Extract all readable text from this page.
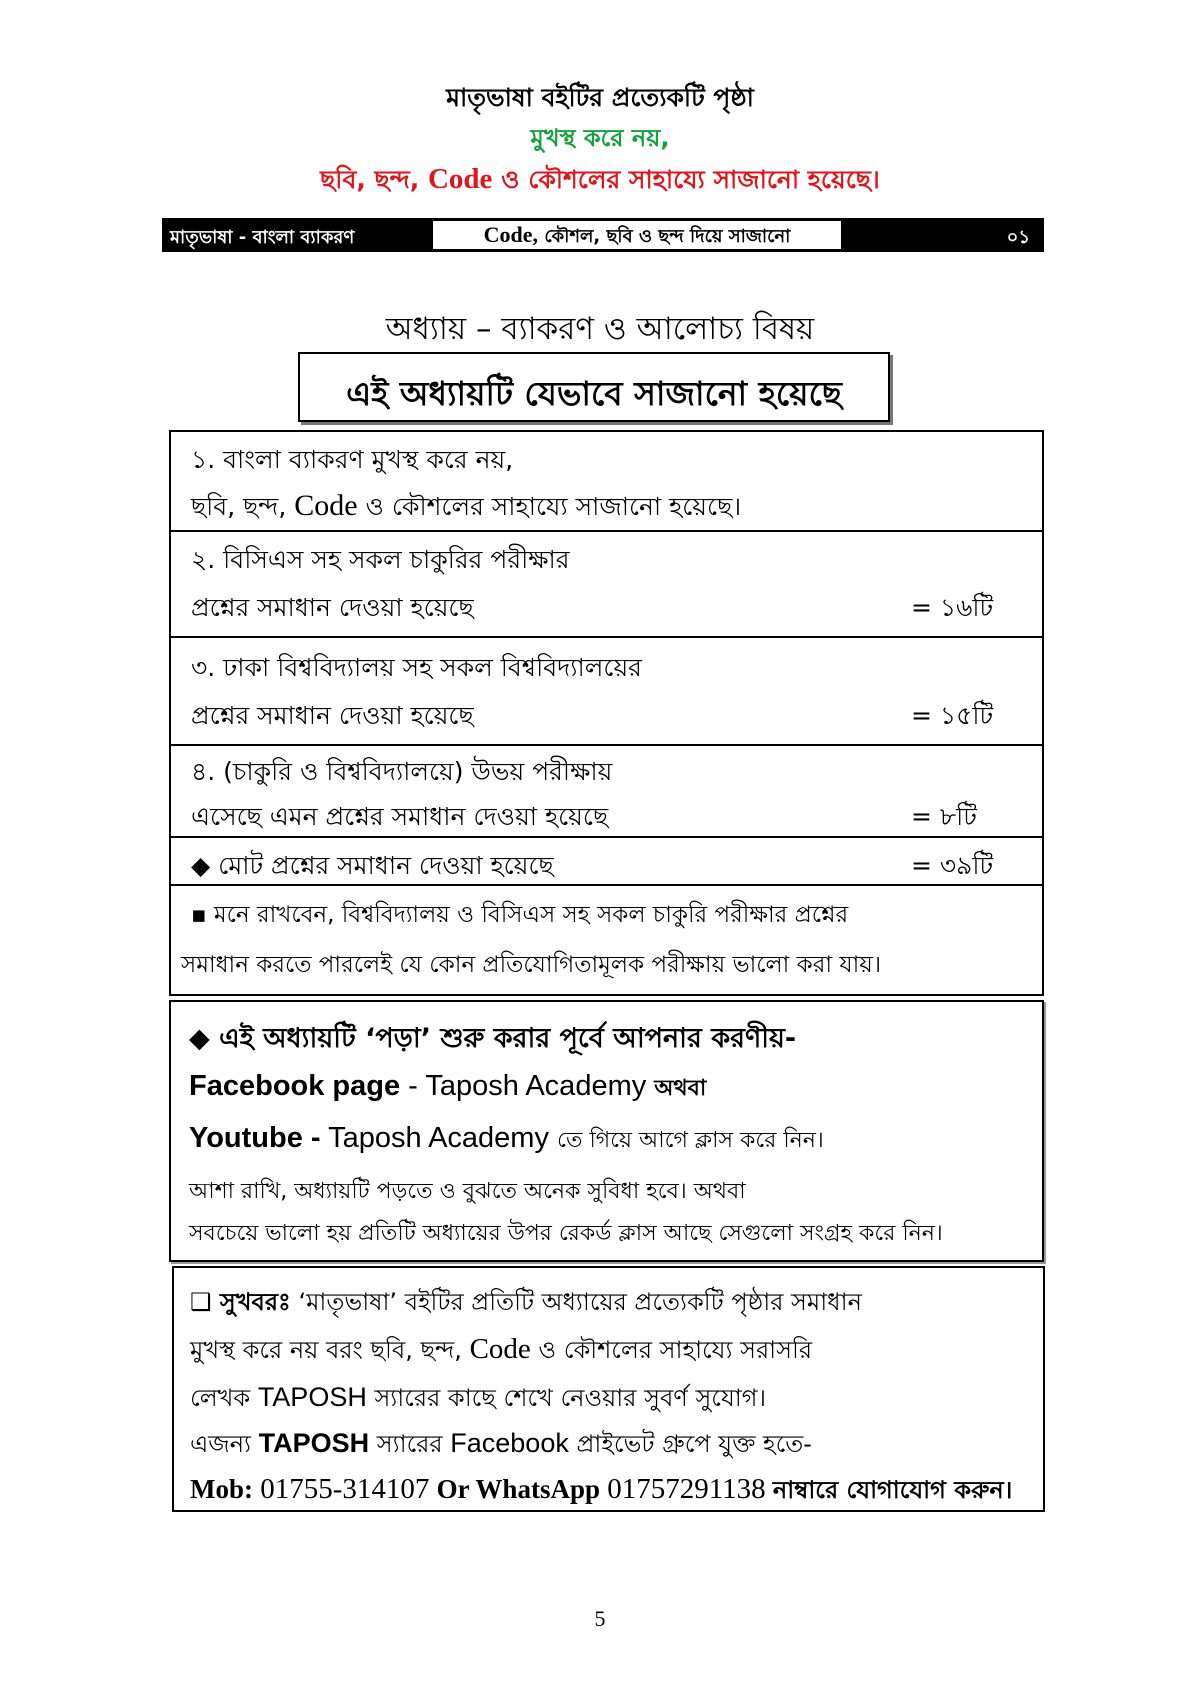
মাতৃভাষা বইটির প্রত্যেকটি পৃষ্ঠা
মুখস্থ করে নয়,
ছবি, ছন্দ, Code ও কৌশলের সাহায্যে সাজানো হয়েছে।
মাতৃভাষা - বাংলা ব্যাকরণ	Code, কৌশল, ছবি ও ছন্দ দিয়ে সাজানো	০১
অধ্যায় – ব্যাকরণ ও আলোচ্য বিষয়
এই অধ্যায়টি যেভাবে সাজানো হয়েছে
১. বাংলা ব্যাকরণ মুখস্থ করে নয়,
ছবি, ছন্দ, Code ও কৌশলের সাহায্যে সাজানো হয়েছে।
২. বিসিএস সহ সকল চাকুরির পরীক্ষার
প্রশ্নের সমাধান দেওয়া হয়েছে	= ১৬টি
৩. ঢাকা বিশ্ববিদ্যালয় সহ সকল বিশ্ববিদ্যালয়ের
প্রশ্নের সমাধান দেওয়া হয়েছে	= ১৫টি
৪. (চাকুরি ও বিশ্ববিদ্যালয়ে) উভয় পরীক্ষায়
এসেছে এমন প্রশ্নের সমাধান দেওয়া হয়েছে	= ৮টি
◆ মোট প্রশ্নের সমাধান দেওয়া হয়েছে	= ৩৯টি
▪ মনে রাখবেন, বিশ্ববিদ্যালয় ও বিসিএস সহ সকল চাকুরি পরীক্ষার প্রশ্নের
সমাধান করতে পারলেই যে কোন প্রতিযোগিতামূলক পরীক্ষায় ভালো করা যায়।
◆ এই অধ্যায়টি ‘পড়া’ শুরু করার পূর্বে আপনার করণীয়-
Facebook page - Taposh Academy অথবা
Youtube - Taposh Academy তে গিয়ে আগে ক্লাস করে নিন।
আশা রাখি, অধ্যায়টি পড়তে ও বুঝতে অনেক সুবিধা হবে। অথবা
সবচেয়ে ভালো হয় প্রতিটি অধ্যায়ের উপর রেকর্ড ক্লাস আছে সেগুলো সংগ্রহ করে নিন।
❑ সুখবরঃ ‘মাতৃভাষা’ বইটির প্রতিটি অধ্যায়ের প্রত্যেকটি পৃষ্ঠার সমাধান
মুখস্থ করে নয় বরং ছবি, ছন্দ, Code ও কৌশলের সাহায্যে সরাসরি
লেখক TAPOSH স্যারের কাছে শেখে নেওয়ার সুবর্ণ সুযোগ।
এজন্য TAPOSH স্যারের Facebook প্রাইভেট গ্রুপে যুক্ত হতে-
Mob: 01755-314107 Or WhatsApp 01757291138 নাম্বারে যোগাযোগ করুন।
5
